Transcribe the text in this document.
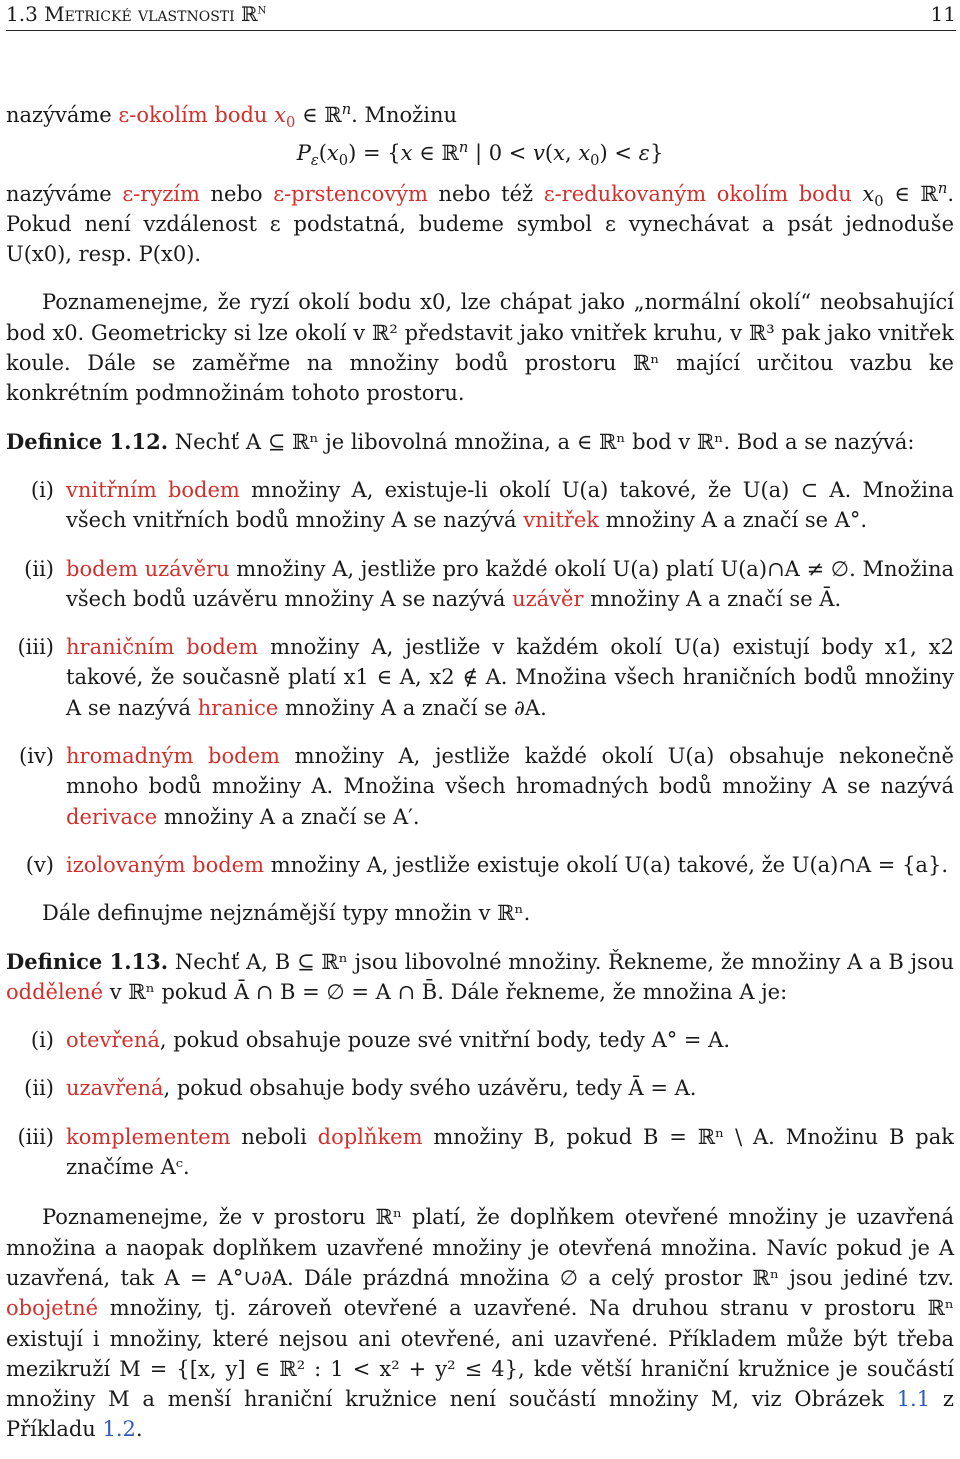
1.3 Metrické vlastnosti ℝ$^n$	11

nazýváme ε-okolím bodu $x_0$ ∈ ℝ$^n$. Množinu

$P_\varepsilon(x_0) = \{x$ ∈ ℝ$^n$ | 0 < v(x, $x_0) < \varepsilon$}

nazýváme ε-ryzím nebo ε-prstencovým nebo též ε-redukovaným okolím bodu $x_0$ ∈ ℝ$^n$. Pokud není vzdálenost ε podstatná, budeme symbol ε vynechávat a psát jednoduše U(x0), resp. P(x0).

Poznamenejme, že ryzí okolí bodu x0, lze chápat jako „normální okolí“ neobsahující bod x0. Geometricky si lze okolí v ℝ² představit jako vnitřek kruhu, v ℝ³ pak jako vnitřek koule. Dále se zaměřme na množiny bodů prostoru ℝⁿ mající určitou vazbu ke konkrétním podmnožinám tohoto prostoru.

Definice 1.12. Nechť A ⊆ ℝⁿ je libovolná množina, a ∈ ℝⁿ bod v ℝⁿ. Bod a se nazývá:

(i) vnitřním bodem množiny A, existuje-li okolí U(a) takové, že U(a) ⊂ A. Množina všech vnitřních bodů množiny A se nazývá vnitřek množiny A a značí se A°.
(ii) bodem uzávěru množiny A, jestliže pro každé okolí U(a) platí U(a)∩A ≠ ∅. Množina všech bodů uzávěru množiny A se nazývá uzávěr množiny A a značí se Ā.
(iii) hraničním bodem množiny A, jestliže v každém okolí U(a) existují body x1, x2 takové, že současně platí x1 ∈ A, x2 ∉ A. Množina všech hraničních bodů množiny A se nazývá hranice množiny A a značí se ∂A.
(iv) hromadným bodem množiny A, jestliže každé okolí U(a) obsahuje nekonečně mnoho bodů množiny A. Množina všech hromadných bodů množiny A se nazývá derivace množiny A a značí se A′.
(v) izolovaným bodem množiny A, jestliže existuje okolí U(a) takové, že U(a)∩A = {a}.

Dále definujme nejznámější typy množin v ℝⁿ.

Definice 1.13. Nechť A, B ⊆ ℝⁿ jsou libovolné množiny. Řekneme, že množiny A a B jsou oddělené v ℝⁿ pokud Ā ∩ B = ∅ = A ∩ B̄. Dále řekneme, že množina A je:

(i) otevřená, pokud obsahuje pouze své vnitřní body, tedy A° = A.
(ii) uzavřená, pokud obsahuje body svého uzávěru, tedy Ā = A.
(iii) komplementem neboli doplňkem množiny B, pokud B = ℝⁿ \ A. Množinu B pak značíme Aᶜ.

Poznamenejme, že v prostoru ℝⁿ platí, že doplňkem otevřené množiny je uzavřená množina a naopak doplňkem uzavřené množiny je otevřená množina. Navíc pokud je A uzavřená, tak A = A°∪∂A. Dále prázdná množina ∅ a celý prostor ℝⁿ jsou jediné tzv. obojetné množiny, tj. zároveň otevřené a uzavřené. Na druhou stranu v prostoru ℝⁿ existují i množiny, které nejsou ani otevřené, ani uzavřené. Příkladem může být třeba mezikruží M = {[x, y] ∈ ℝ² : 1 < x² + y² ≤ 4}, kde větší hraniční kružnice je součástí množiny M a menší hraniční kružnice není součástí množiny M, viz Obrázek 1.1 z Příkladu 1.2.
